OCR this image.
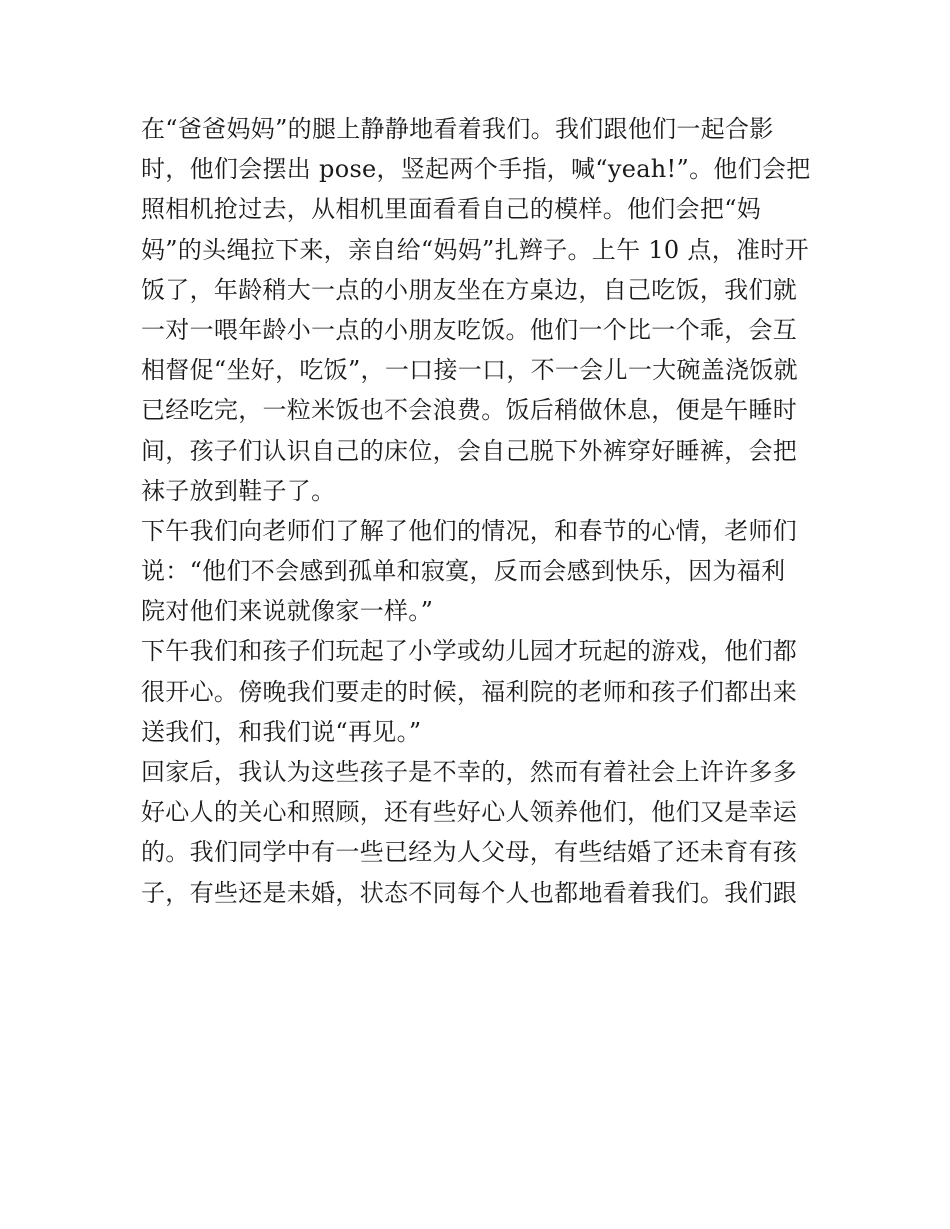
在“爸爸妈妈”的腿上静静地看着我们。我们跟他们一起合影
时，他们会摆出 pose，竖起两个手指，喊“yeah!”。他们会把
照相机抢过去，从相机里面看看自己的模样。他们会把“妈
妈”的头绳拉下来，亲自给“妈妈”扎辫子。上午 10 点，准时开
饭了，年龄稍大一点的小朋友坐在方桌边，自己吃饭，我们就
一对一喂年龄小一点的小朋友吃饭。他们一个比一个乖，会互
相督促“坐好，吃饭”，一口接一口，不一会儿一大碗盖浇饭就
已经吃完，一粒米饭也不会浪费。饭后稍做休息，便是午睡时
间，孩子们认识自己的床位，会自己脱下外裤穿好睡裤，会把
袜子放到鞋子了。
下午我们向老师们了解了他们的情况，和春节的心情，老师们
说：“他们不会感到孤单和寂寞，反而会感到快乐，因为福利
院对他们来说就像家一样。”
下午我们和孩子们玩起了小学或幼儿园才玩起的游戏，他们都
很开心。傍晚我们要走的时候，福利院的老师和孩子们都出来
送我们，和我们说“再见。”
回家后，我认为这些孩子是不幸的，然而有着社会上许许多多
好心人的关心和照顾，还有些好心人领养他们，他们又是幸运
的。我们同学中有一些已经为人父母，有些结婚了还未育有孩
子，有些还是未婚，状态不同每个人也都地看着我们。我们跟
